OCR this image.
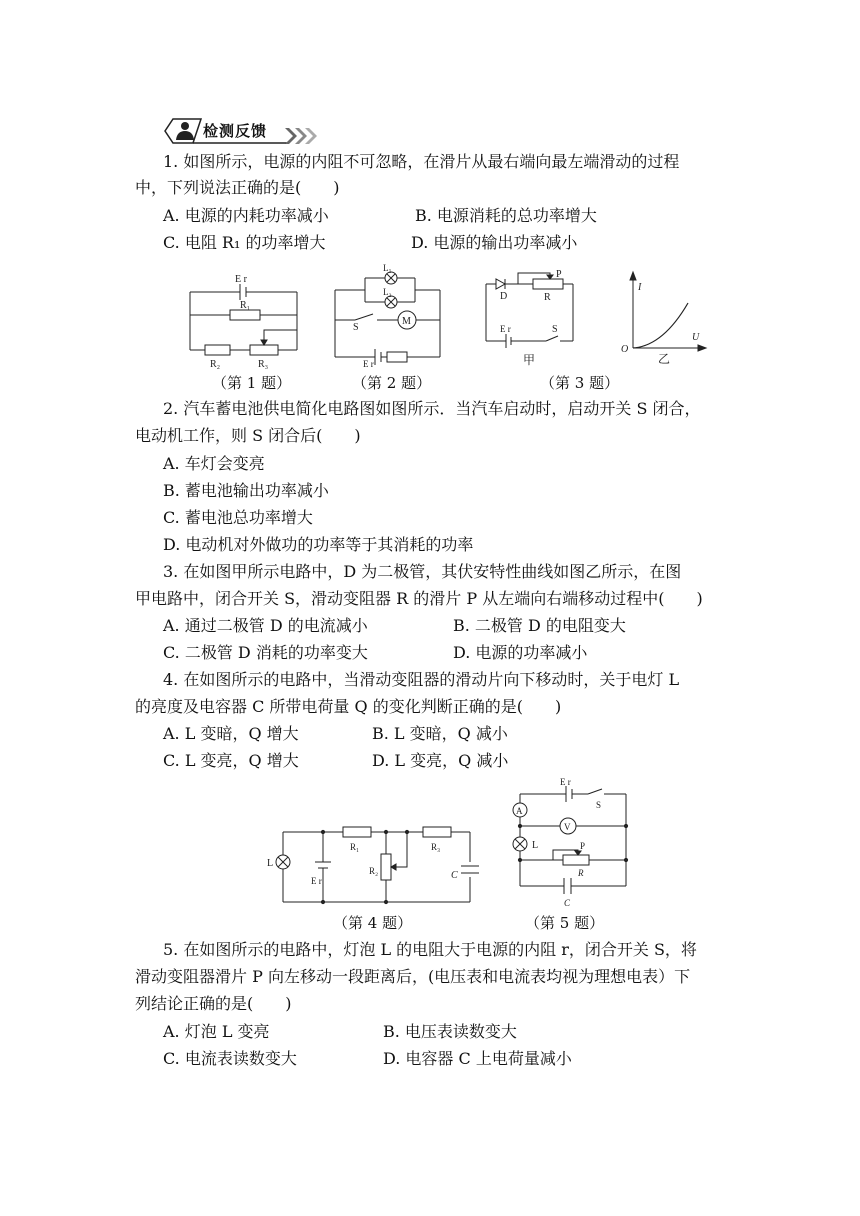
检测反馈
1. 如图所示，电源的内阻不可忽略，在滑片从最右端向最左端滑动的过程
中，下列说法正确的是(　　)
A. 电源的内耗功率减小	B. 电源消耗的总功率增大
C. 电阻 R₁ 的功率增大	D. 电源的输出功率减小
E r
R₁
R₂	R₃
L₁
L₂
S
M
E r
D
P
R
E r	S
甲
I
U
O
乙
（第 1 题）	（第 2 题）	（第 3 题）
2. 汽车蓄电池供电简化电路图如图所示．当汽车启动时，启动开关 S 闭合，
电动机工作，则 S 闭合后(　　)
A. 车灯会变亮
B. 蓄电池输出功率减小
C. 蓄电池总功率增大
D. 电动机对外做功的功率等于其消耗的功率
3. 在如图甲所示电路中，D 为二极管，其伏安特性曲线如图乙所示，在图
甲电路中，闭合开关 S，滑动变阻器 R 的滑片 P 从左端向右端移动过程中(　　)
A. 通过二极管 D 的电流减小	B. 二极管 D 的电阻变大
C. 二极管 D 消耗的功率变大	D. 电源的功率减小
4. 在如图所示的电路中，当滑动变阻器的滑动片向下移动时，关于电灯 L
的亮度及电容器 C 所带电荷量 Q 的变化判断正确的是(　　)
A. L 变暗，Q 增大	B. L 变暗，Q 减小
C. L 变亮，Q 增大	D. L 变亮，Q 减小
L
E r
R₁
R₂
R₃
C
E r
S
A
V
L	P
R
C
（第 4 题）	（第 5 题）
5. 在如图所示的电路中，灯泡 L 的电阻大于电源的内阻 r，闭合开关 S，将
滑动变阻器滑片 P 向左移动一段距离后，(电压表和电流表均视为理想电表）下
列结论正确的是(　　)
A. 灯泡 L 变亮	B. 电压表读数变大
C. 电流表读数变大	D. 电容器 C 上电荷量减小
